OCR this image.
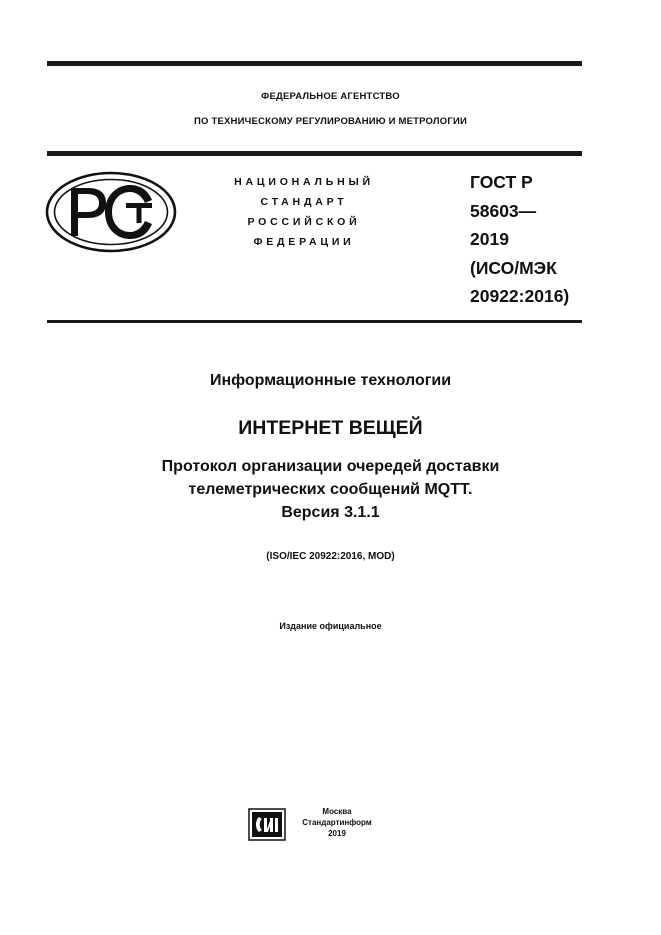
ФЕДЕРАЛЬНОЕ АГЕНТСТВО
ПО ТЕХНИЧЕСКОМУ РЕГУЛИРОВАНИЮ И МЕТРОЛОГИИ
НАЦИОНАЛЬНЫЙ
СТАНДАРТ
РОССИЙСКОЙ
ФЕДЕРАЦИИ
ГОСТ Р
58603—
2019
(ИСО/МЭК
20922:2016)
Информационные технологии
ИНТЕРНЕТ ВЕЩЕЙ
Протокол организации очередей доставки
телеметрических сообщений MQTT.
Версия 3.1.1
(ISO/IEC 20922:2016, MOD)
Издание официальное
Москва
Стандартинформ
2019
